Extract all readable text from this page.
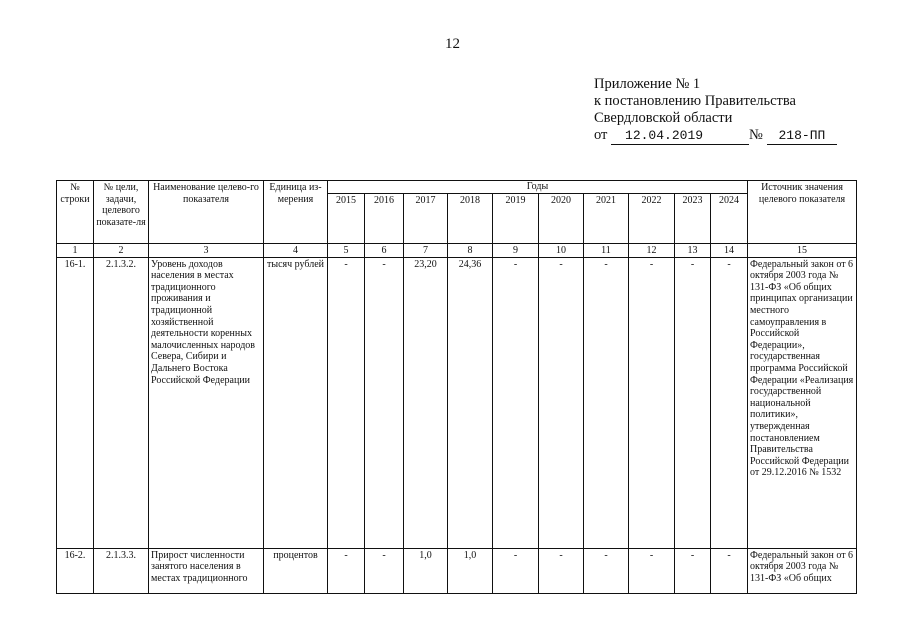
12
Приложение № 1
к постановлению Правительства
Свердловской области
от 12.04.2019	№ 218-ПП
№ строки	№ цели, задачи, целевого показате-ля	Наименование целево-го показателя	Единица из-мерения	Годы										Источник значения целевого показателя
				2015	2016	2017	2018	2019	2020	2021	2022	2023	2024	
1	2	3	4	5	6	7	8	9	10	11	12	13	14	15
16-1.	2.1.3.2.	Уровень доходов населения в местах традиционного проживания и традиционной хозяйственной деятельности коренных малочисленных народов Севера, Сибири и Дальнего Востока Российской Федерации	тысяч рублей	-	-	23,20	24,36	-	-	-	-	-	-	Федеральный закон от 6 октября 2003 года № 131-ФЗ «Об общих принципах организации местного самоуправления в Российской Федерации», государственная программа Российской Федерации «Реализация государственной национальной политики», утвержденная постановлением Правительства Российской Федерации от 29.12.2016 № 1532
16-2.	2.1.3.3.	Прирост численности занятого населения в местах традиционного	процентов	-	-	1,0	1,0	-	-	-	-	-	-	Федеральный закон от 6 октября 2003 года № 131-ФЗ «Об общих
